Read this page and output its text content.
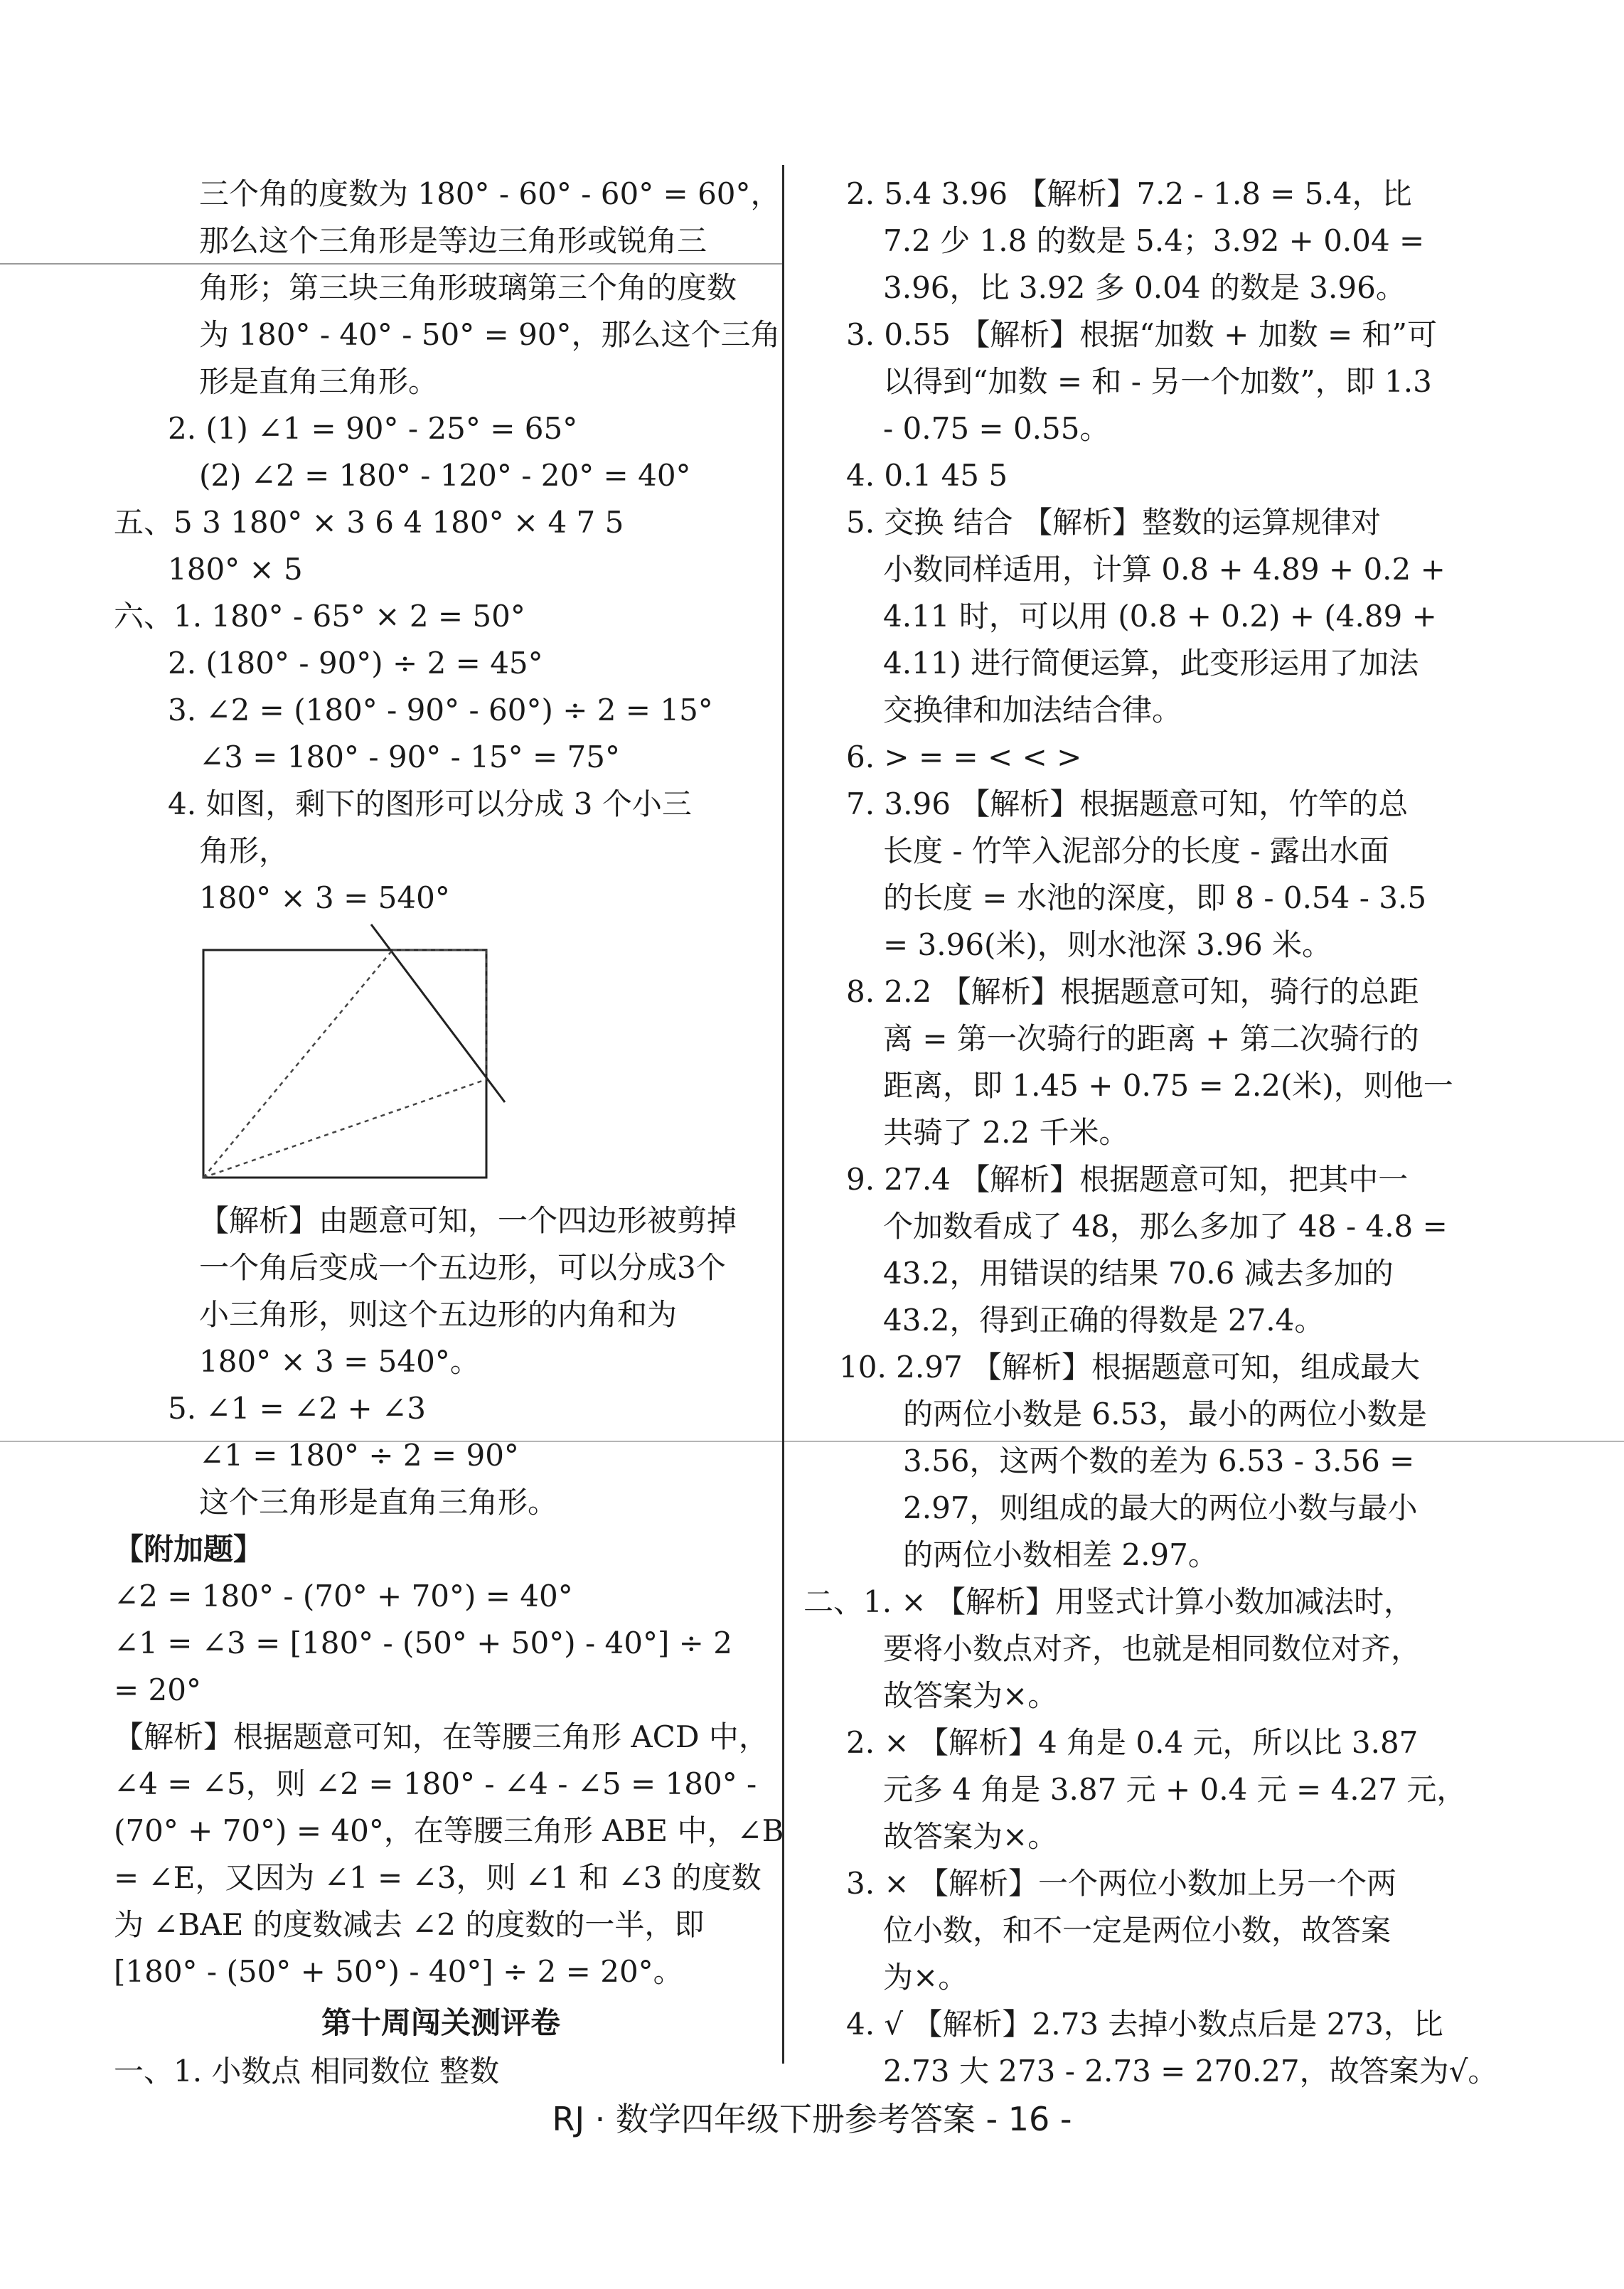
三个角的度数为 180° - 60° - 60° = 60°，
那么这个三角形是等边三角形或锐角三
角形；第三块三角形玻璃第三个角的度数
为 180° - 40° - 50° = 90°，那么这个三角
形是直角三角形。
2. (1) ∠1 = 90° - 25° = 65°
(2) ∠2 = 180° - 120° - 20° = 40°
五、5 3 180° × 3 6 4 180° × 4 7 5
180° × 5
六、1. 180° - 65° × 2 = 50°
2. (180° - 90°) ÷ 2 = 45°
3. ∠2 = (180° - 90° - 60°) ÷ 2 = 15°
∠3 = 180° - 90° - 15° = 75°
4. 如图，剩下的图形可以分成 3 个小三
角形，
180° × 3 = 540°
【解析】由题意可知，一个四边形被剪掉
一个角后变成一个五边形，可以分成3个
小三角形，则这个五边形的内角和为
180° × 3 = 540°。
5. ∠1 = ∠2 + ∠3
∠1 = 180° ÷ 2 = 90°
这个三角形是直角三角形。
【附加题】
∠2 = 180° - (70° + 70°) = 40°
∠1 = ∠3 = [180° - (50° + 50°) - 40°] ÷ 2
= 20°
【解析】根据题意可知，在等腰三角形 ACD 中，
∠4 = ∠5，则 ∠2 = 180° - ∠4 - ∠5 = 180° -
(70° + 70°) = 40°，在等腰三角形 ABE 中，∠B
= ∠E，又因为 ∠1 = ∠3，则 ∠1 和 ∠3 的度数
为 ∠BAE 的度数减去 ∠2 的度数的一半，即
[180° - (50° + 50°) - 40°] ÷ 2 = 20°。
第十周闯关测评卷
一、1. 小数点 相同数位 整数
2. 5.4 3.96 【解析】7.2 - 1.8 = 5.4，比
7.2 少 1.8 的数是 5.4；3.92 + 0.04 =
3.96，比 3.92 多 0.04 的数是 3.96。
3. 0.55 【解析】根据“加数 + 加数 = 和”可
以得到“加数 = 和 - 另一个加数”，即 1.3
- 0.75 = 0.55。
4. 0.1 45 5
5. 交换 结合 【解析】整数的运算规律对
小数同样适用，计算 0.8 + 4.89 + 0.2 +
4.11 时，可以用 (0.8 + 0.2) + (4.89 +
4.11) 进行简便运算，此变形运用了加法
交换律和加法结合律。
6. > = = < < >
7. 3.96 【解析】根据题意可知，竹竿的总
长度 - 竹竿入泥部分的长度 - 露出水面
的长度 = 水池的深度，即 8 - 0.54 - 3.5
= 3.96(米)，则水池深 3.96 米。
8. 2.2 【解析】根据题意可知，骑行的总距
离 = 第一次骑行的距离 + 第二次骑行的
距离，即 1.45 + 0.75 = 2.2(米)，则他一
共骑了 2.2 千米。
9. 27.4 【解析】根据题意可知，把其中一
个加数看成了 48，那么多加了 48 - 4.8 =
43.2，用错误的结果 70.6 减去多加的
43.2，得到正确的得数是 27.4。
10. 2.97 【解析】根据题意可知，组成最大
的两位小数是 6.53，最小的两位小数是
3.56，这两个数的差为 6.53 - 3.56 =
2.97，则组成的最大的两位小数与最小
的两位小数相差 2.97。
二、1. × 【解析】用竖式计算小数加减法时，
要将小数点对齐，也就是相同数位对齐，
故答案为×。
2. × 【解析】4 角是 0.4 元，所以比 3.87
元多 4 角是 3.87 元 + 0.4 元 = 4.27 元，
故答案为×。
3. × 【解析】一个两位小数加上另一个两
位小数，和不一定是两位小数，故答案
为×。
4. √ 【解析】2.73 去掉小数点后是 273，比
2.73 大 273 - 2.73 = 270.27，故答案为√。
RJ · 数学四年级下册参考答案 - 16 -
